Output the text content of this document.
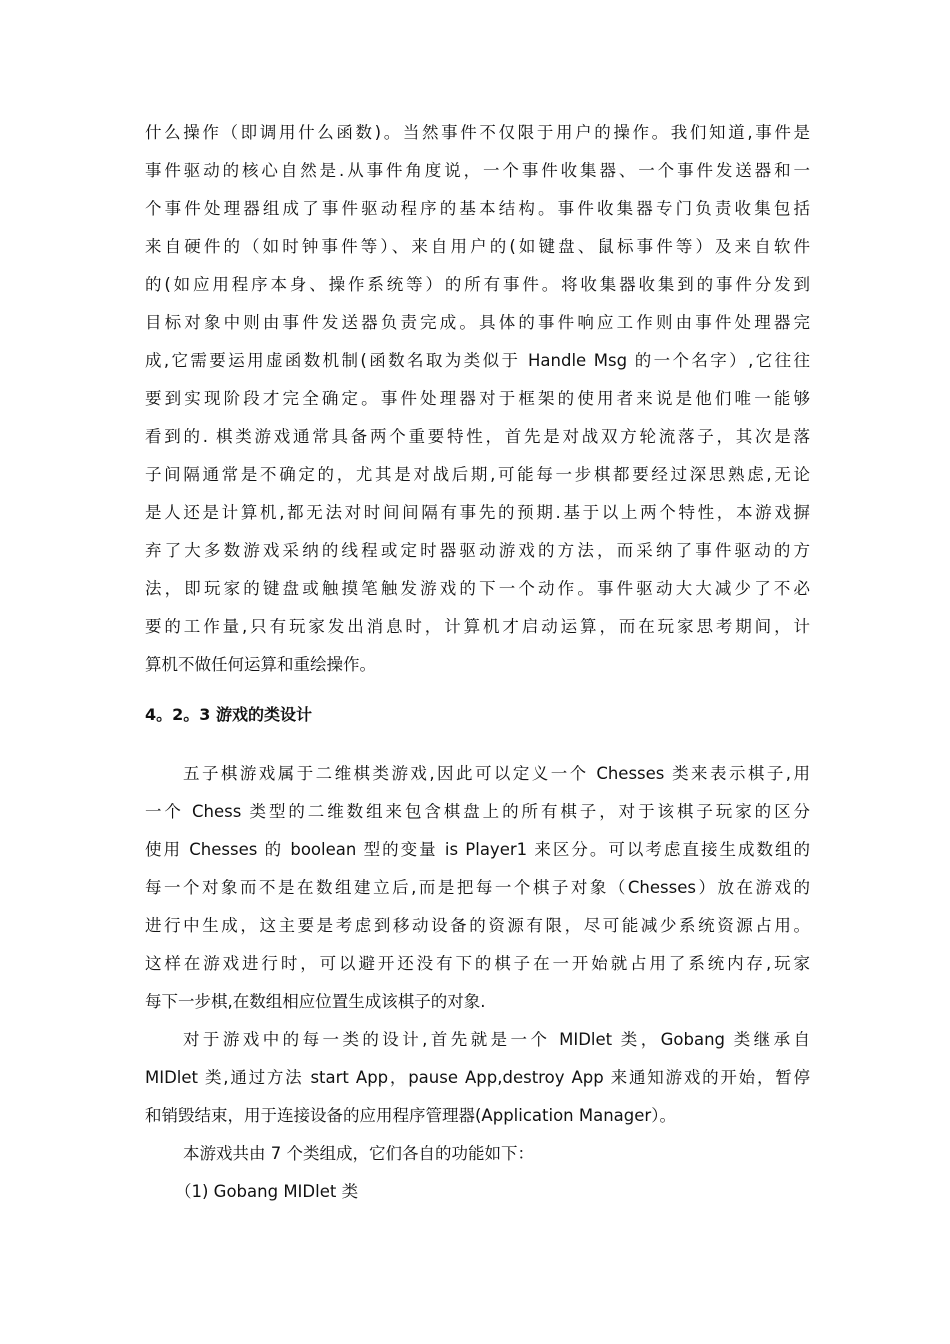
什么操作（即调用什么函数)。当然事件不仅限于用户的操作。我们知道,事件是
事件驱动的核心自然是.从事件角度说，一个事件收集器、一个事件发送器和一
个事件处理器组成了事件驱动程序的基本结构。事件收集器专门负责收集包括
来自硬件的（如时钟事件等）、来自用户的(如键盘、鼠标事件等）及来自软件
的(如应用程序本身、操作系统等）的所有事件。将收集器收集到的事件分发到
目标对象中则由事件发送器负责完成。具体的事件响应工作则由事件处理器完
成,它需要运用虚函数机制(函数名取为类似于 Handle Msg 的一个名字）,它往往
要到实现阶段才完全确定。事件处理器对于框架的使用者来说是他们唯一能够
看到的. 棋类游戏通常具备两个重要特性，首先是对战双方轮流落子，其次是落
子间隔通常是不确定的，尤其是对战后期,可能每一步棋都要经过深思熟虑,无论
是人还是计算机,都无法对时间间隔有事先的预期.基于以上两个特性，本游戏摒
弃了大多数游戏采纳的线程或定时器驱动游戏的方法，而采纳了事件驱动的方
法，即玩家的键盘或触摸笔触发游戏的下一个动作。事件驱动大大减少了不必
要的工作量,只有玩家发出消息时，计算机才启动运算，而在玩家思考期间，计
算机不做任何运算和重绘操作。
4。2。3 游戏的类设计
五子棋游戏属于二维棋类游戏,因此可以定义一个 Chesses 类来表示棋子,用
一个 Chess 类型的二维数组来包含棋盘上的所有棋子，对于该棋子玩家的区分
使用 Chesses 的 boolean 型的变量 is Player1 来区分。可以考虑直接生成数组的
每一个对象而不是在数组建立后,而是把每一个棋子对象（Chesses）放在游戏的
进行中生成，这主要是考虑到移动设备的资源有限，尽可能减少系统资源占用。
这样在游戏进行时，可以避开还没有下的棋子在一开始就占用了系统内存,玩家
每下一步棋,在数组相应位置生成该棋子的对象.
对于游戏中的每一类的设计,首先就是一个 MIDlet 类，Gobang 类继承自
MIDlet 类,通过方法 start App，pause App,destroy App 来通知游戏的开始，暂停
和销毁结束，用于连接设备的应用程序管理器(Application Manager）。
本游戏共由 7 个类组成，它们各自的功能如下：
（1) Gobang MIDlet 类
